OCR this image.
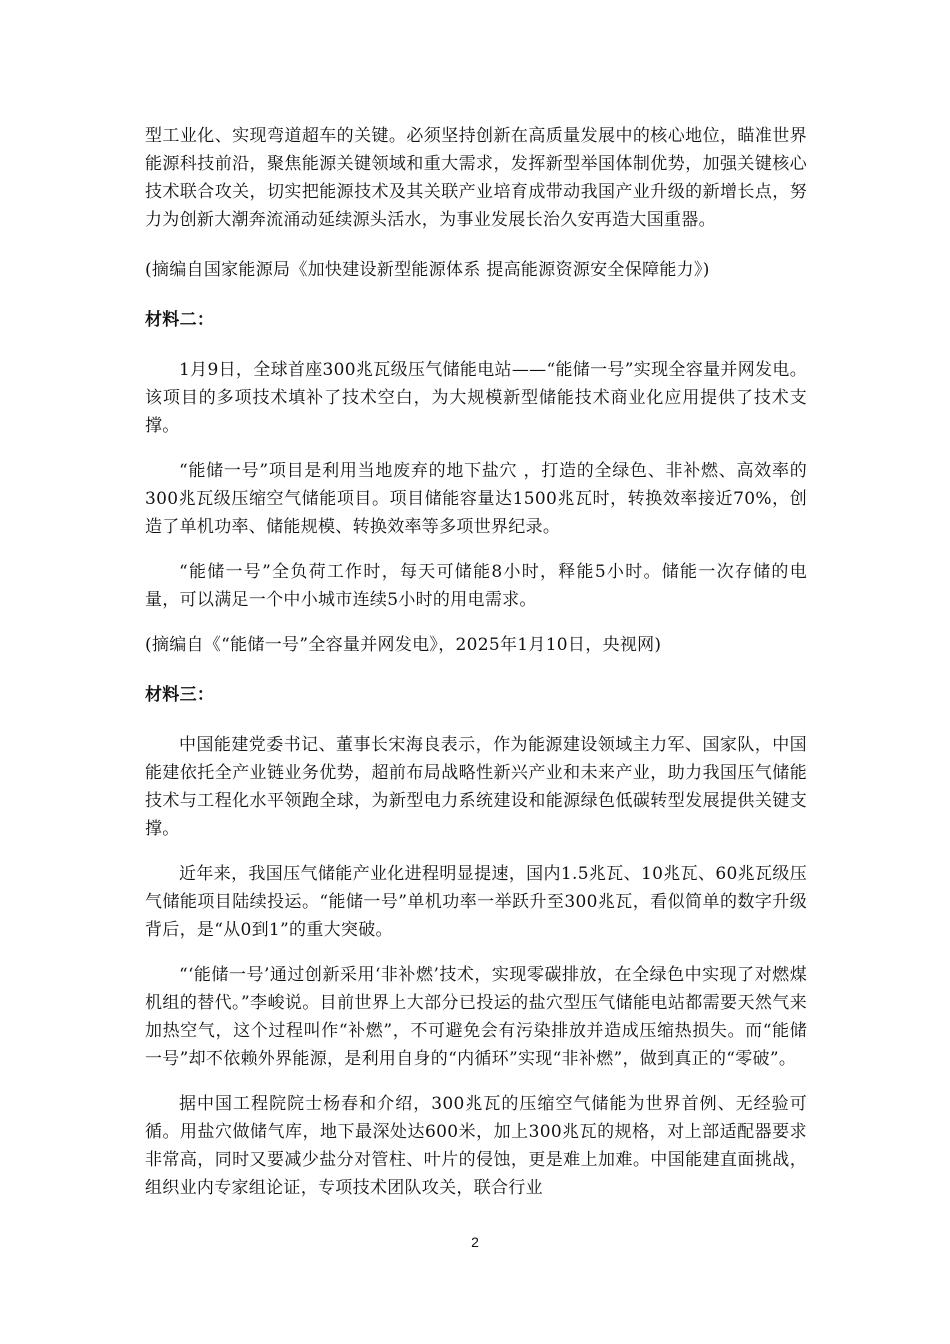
型工业化、实现弯道超车的关键。必须坚持创新在高质量发展中的核心地位，瞄准世界能源科技前沿，聚焦能源关键领域和重大需求，发挥新型举国体制优势，加强关键核心技术联合攻关，切实把能源技术及其关联产业培育成带动我国产业升级的新增长点，努力为创新大潮奔流涌动延续源头活水，为事业发展长治久安再造大国重器。

(摘编自国家能源局《加快建设新型能源体系 提高能源资源安全保障能力》)

材料二：

1月9日，全球首座300兆瓦级压气储能电站——“能储一号”实现全容量并网发电。该项目的多项技术填补了技术空白，为大规模新型储能技术商业化应用提供了技术支撑。

“能储一号”项目是利用当地废弃的地下盐穴 ，打造的全绿色、非补燃、高效率的300兆瓦级压缩空气储能项目。项目储能容量达1500兆瓦时，转换效率接近70%，创造了单机功率、储能规模、转换效率等多项世界纪录。

“能储一号”全负荷工作时，每天可储能8小时，释能5小时。储能一次存储的电量，可以满足一个中小城市连续5小时的用电需求。

(摘编自《“能储一号”全容量并网发电》，2025年1月10日，央视网)

材料三：

中国能建党委书记、董事长宋海良表示，作为能源建设领域主力军、国家队，中国能建依托全产业链业务优势，超前布局战略性新兴产业和未来产业，助力我国压气储能技术与工程化水平领跑全球，为新型电力系统建设和能源绿色低碳转型发展提供关键支撑。

近年来，我国压气储能产业化进程明显提速，国内1.5兆瓦、10兆瓦、60兆瓦级压气储能项目陆续投运。“能储一号”单机功率一举跃升至300兆瓦，看似简单的数字升级背后，是“从0到1”的重大突破。

“‘能储一号’通过创新采用‘非补燃’技术，实现零碳排放，在全绿色中实现了对燃煤机组的替代。”李峻说。目前世界上大部分已投运的盐穴型压气储能电站都需要天然气来加热空气，这个过程叫作“补燃”，不可避免会有污染排放并造成压缩热损失。而“能储一号”却不依赖外界能源，是利用自身的“内循环”实现“非补燃”，做到真正的“零破”。

据中国工程院院士杨春和介绍，300兆瓦的压缩空气储能为世界首例、无经验可循。用盐穴做储气库，地下最深处达600米，加上300兆瓦的规格，对上部适配器要求非常高，同时又要减少盐分对管柱、叶片的侵蚀，更是难上加难。中国能建直面挑战，组织业内专家组论证，专项技术团队攻关，联合行业

2
